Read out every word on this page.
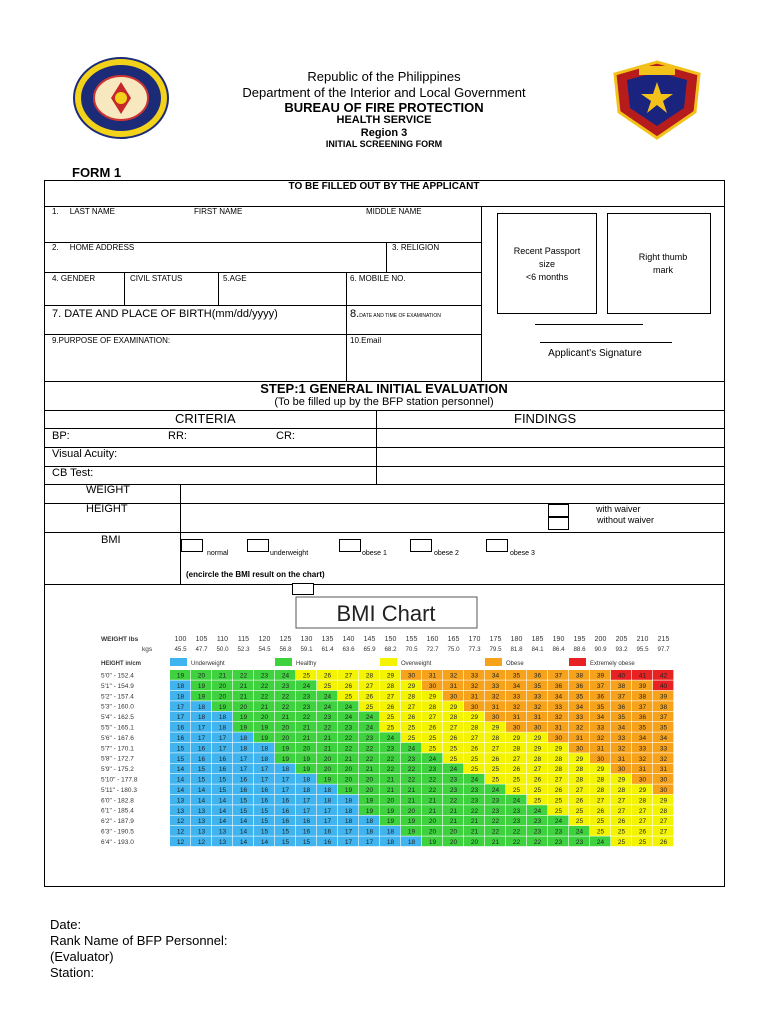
Republic of the Philippines
Department of the Interior and Local Government
BUREAU OF FIRE PROTECTION
HEALTH SERVICE
Region 3
INITIAL SCREENING FORM
FORM 1
TO BE FILLED OUT BY THE APPLICANT
1.     LAST NAME	FIRST NAME	MIDDLE NAME
2.     HOME ADDRESS	3. RELIGION
4. GENDER	CIVIL STATUS	5.AGE	6. MOBILE NO.
7. DATE AND PLACE OF BIRTH(mm/dd/yyyy)	8.DATE AND TIME OF EXAMINATION
9.PURPOSE OF EXAMINATION:	10.Email
Recent Passport
size
<6 months
Right thumb
mark
Applicant's Signature
STEP:1 GENERAL INITIAL EVALUATION
(To be filled up by the BFP station personnel)
CRITERIA	FINDINGS
BP:	RR:	CR:
Visual Acuity:
CB Test:
WEIGHT
HEIGHT	with waiver
without waiver
BMI
normal	underweight	obese 1	obese 2	obese 3
(encircle the BMI result on the chart)
BMI Chart
WEIGHT lbs
kgs
HEIGHT in/cm
100 105 110 115 120 125 130 135 140 145 150 155 160 165 170 175 180 185 190 195 200 205 210 215
45.5 47.7 50.0 52.3 54.5 56.8 59.1 61.4 63.6 65.9 68.2 70.5 72.7 75.0 77.3 79.5 81.8 84.1 86.4 88.6 90.9 93.2 95.5 97.7
Underweight	Healthy	Overweight	Obese	Extremely obese
5'0" - 152.4	19 20 21 22 23 24 25 26 27 28 29 30 31 32 33 34 35 36 37 38 39 40 41 42
5'1" - 154.9	18 19 20 21 22 23 24 25 26 27 28 29 30 31 32 33 34 35 36 36 37 38 39 40
5'2" - 157.4	18 19 20 21 22 22 23 24 25 26 27 28 29 30 31 32 33 33 34 35 36 37 38 39
5'3" - 160.0	17 18 19 20 21 22 23 24 24 25 26 27 28 29 30 31 32 32 33 34 35 36 37 38
5'4" - 162.5	17 18 18 19 20 21 22 23 24 24 25 26 27 28 29 30 31 31 32 33 34 35 36 37
5'5" - 165.1	16 17 18 19 19 20 21 22 23 24 25 25 26 27 28 29 30 30 31 32 33 34 35 35
5'6" - 167.6	16 17 17 18 19 20 21 21 22 23 24 25 25 26 27 28 29 29 30 31 32 33 34 34
5'7" - 170.1	15 16 17 18 18 19 20 21 22 22 23 24 25 25 26 27 28 29 29 30 31 32 33 33
5'8" - 172.7	15 16 16 17 18 19 19 20 21 22 22 23 24 25 25 26 27 28 28 29 30 31 32 32
5'9" - 175.2	14 15 16 17 17 18 19 20 20 21 22 22 23 24 25 25 26 27 28 28 29 30 31 31
5'10" - 177.8	14 15 15 16 17 17 18 19 20 20 21 22 22 23 24 25 25 26 27 28 28 29 30 30
5'11" - 180.3	14 14 15 16 16 17 18 18 19 20 21 21 22 23 23 24 25 25 26 27 28 28 29 30
6'0" - 182.8	13 14 14 15 16 16 17 18 18 19 20 21 21 22 23 23 24 25 25 26 27 27 28 29
6'1" - 185.4	13 13 14 15 15 16 17 17 18 19 19 20 21 21 22 23 23 24 25 25 26 27 27 28
6'2" - 187.9	12 13 14 14 15 16 16 17 18 18 19 19 20 21 21 22 23 23 24 25 25 26 27 27
6'3" - 190.5	12 13 13 14 15 15 16 16 17 18 18 19 20 20 21 22 22 23 23 24 25 25 26 27
6'4" - 193.0	12 12 13 14 14 15 15 16 17 17 18 18 19 20 20 21 22 22 23 23 24 25 25 26
Date:
Rank Name of BFP Personnel:
(Evaluator)
Station:
